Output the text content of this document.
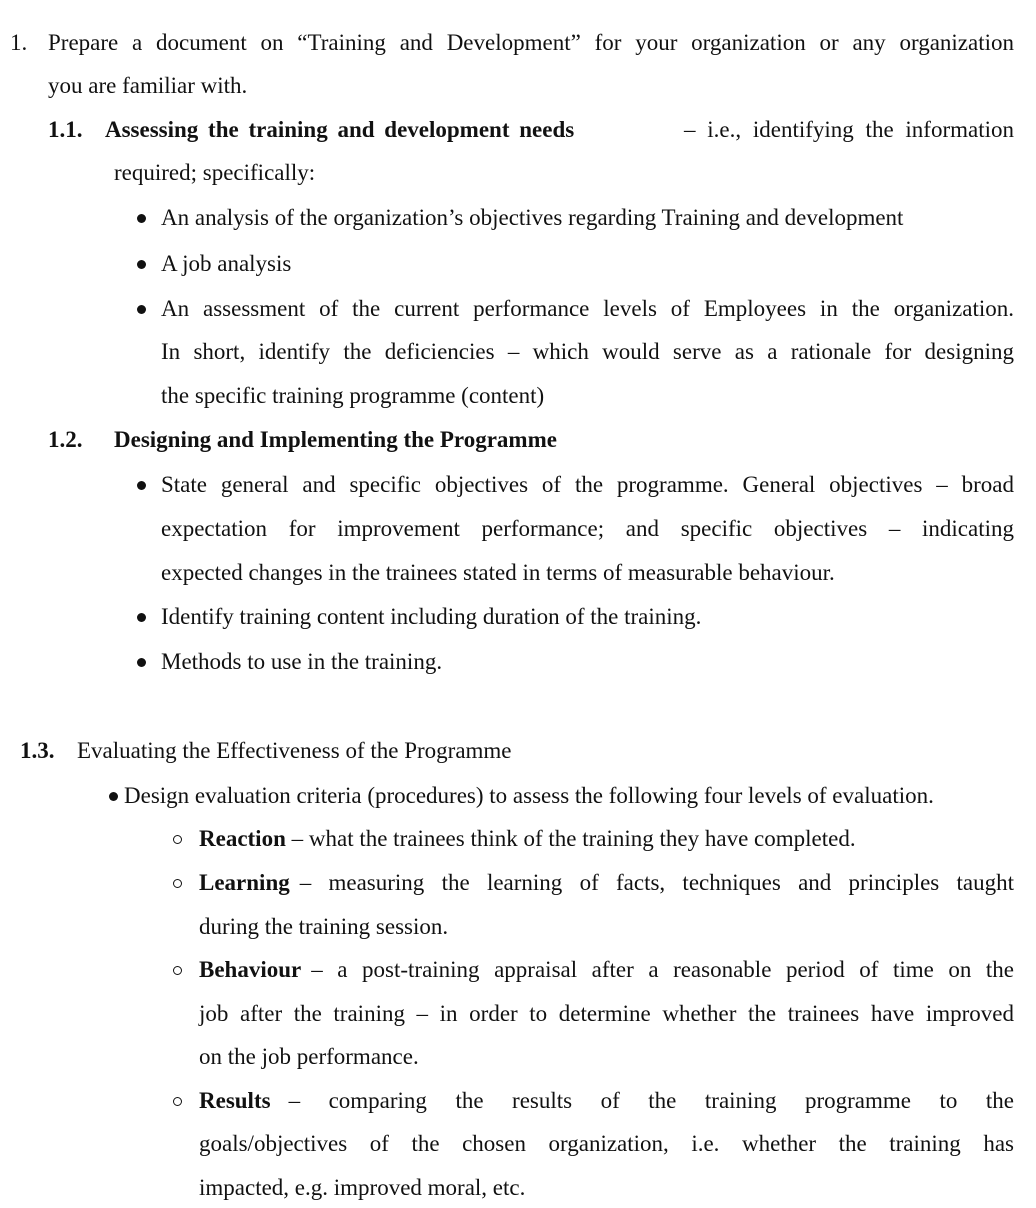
1. Prepare a document on “Training and Development” for your organization or any organization
you are familiar with.
1.1. Assessing the training and development needs	– i.e., identifying the information
required; specifically:
An analysis of the organization’s objectives regarding Training and development
A job analysis
An assessment of the current performance levels of Employees in the organization.
In short, identify the deficiencies – which would serve as a rationale for designing
the specific training programme (content)
1.2. Designing and Implementing the Programme
State general and specific objectives of the programme. General objectives – broad
expectation for improvement performance; and specific objectives – indicating
expected changes in the trainees stated in terms of measurable behaviour.
Identify training content including duration of the training.
Methods to use in the training.
1.3. Evaluating the Effectiveness of the Programme
Design evaluation criteria (procedures) to assess the following four levels of evaluation.
Reaction – what the trainees think of the training they have completed.
Learning – measuring the learning of facts, techniques and principles taught
during the training session.
Behaviour – a post-training appraisal after a reasonable period of time on the
job after the training – in order to determine whether the trainees have improved
on the job performance.
Results – comparing the results of the training programme to the
goals/objectives of the chosen organization, i.e. whether the training has
impacted, e.g. improved moral, etc.
